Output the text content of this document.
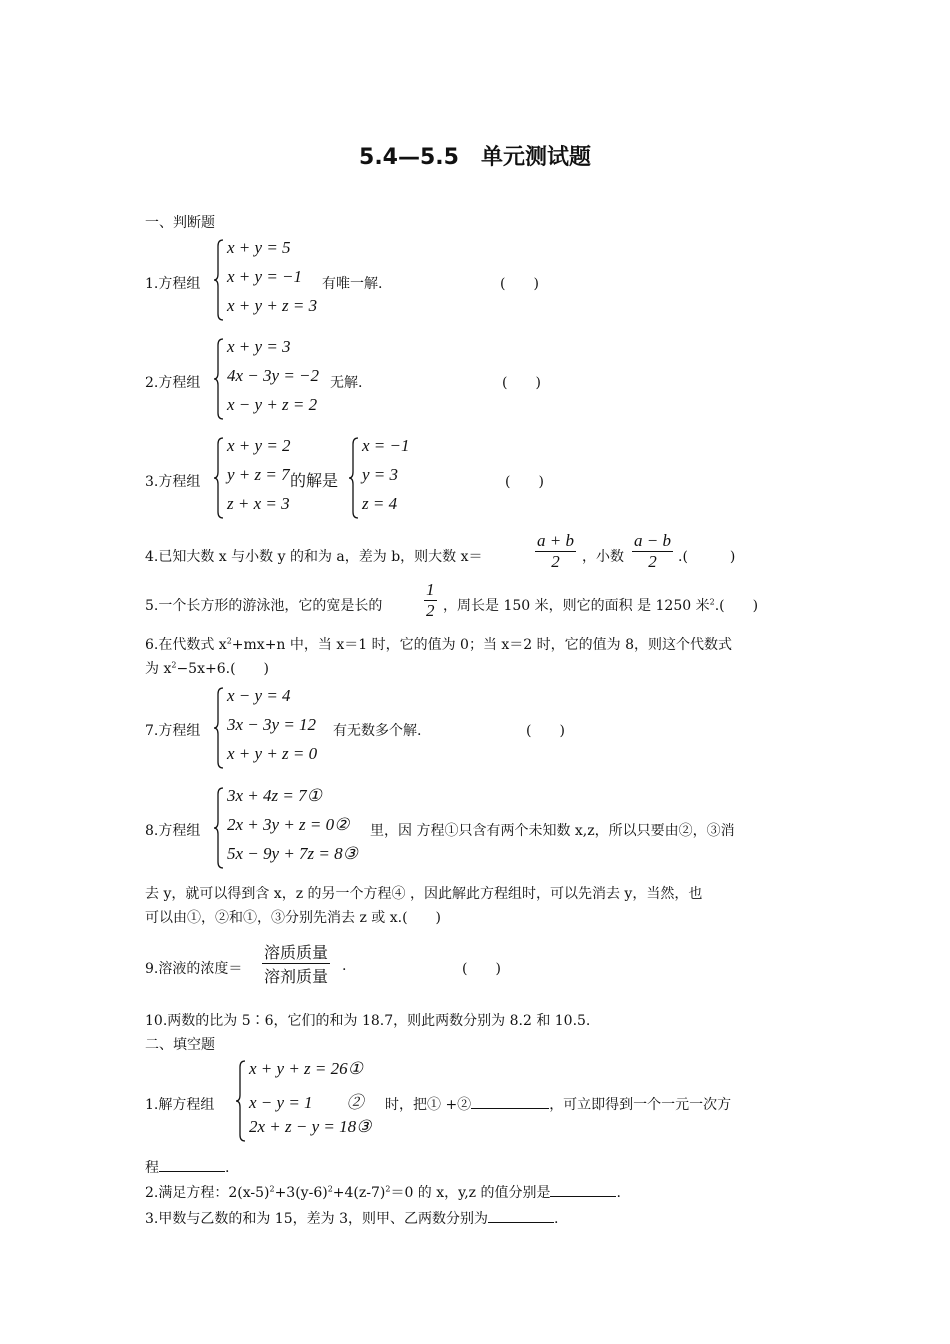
5.4—5.5　单元测试题
一、判断题
1.方程组
x + y = 5
x + y = −1
x + y + z = 3
有唯一解.	(　　)
2.方程组
x + y = 3
4x − 3y = −2
x − y + z = 2
无解.	(　　)
3.方程组
x + y = 2
y + z = 7
z + x = 3
的解是
x = −1
y = 3
z = 4
(　　)
4.已知大数 x 与小数 y 的和为 a，差为 b，则大数 x＝	$\frac{a + b}{2}$ ，小数 $\frac{a - b}{2}$ .(　　　)
5.一个长方形的游泳池，它的宽是长的 $\frac{1}{2}$ ，周长是 150 米，则它的面积 是 1250 米$^2$.(　　)
6.在代数式 $x^2+mx+n$ 中，当 x＝1 时，它的值为 0；当 x＝2 时，它的值为 8，则这个代数式
为 $x^2-5x+6$.(　　)
7.方程组
x − y = 4
3x − 3y = 12
x + y + z = 0
有无数多个解.	(　　)
8.方程组
3x + 4z = 7①
2x + 3y + z = 0②
5x − 9y + 7z = 8③
里，因 方程①只含有两个未知数 x,z，所以只要由②，③消
去 y，就可以得到含 x，z 的另一个方程④ ，因此解此方程组时，可以先消去 y，当然，也
可以由①，②和①，③分别先消去 z 或 x.(　　)
9.溶液的浓度＝
溶质质量
溶剂质量
.	(　　)
10.两数的比为 5∶6，它们的和为 18.7，则此两数分别为 8.2 和 10.5.
二、填空题
1.解方程组
x + y + z = 26①
x − y = 1　　②
2x + z − y = 18③
时，把① +②	，可立即得到一个一元一次方
程	.
2.满足方程：$2(x-5)^2+3(y-6)^2+4(z-7)^2=0$ 的 x，y,z 的值分别是	.
3.甲数与乙数的和为 15，差为 3，则甲、乙两数分别为	.
